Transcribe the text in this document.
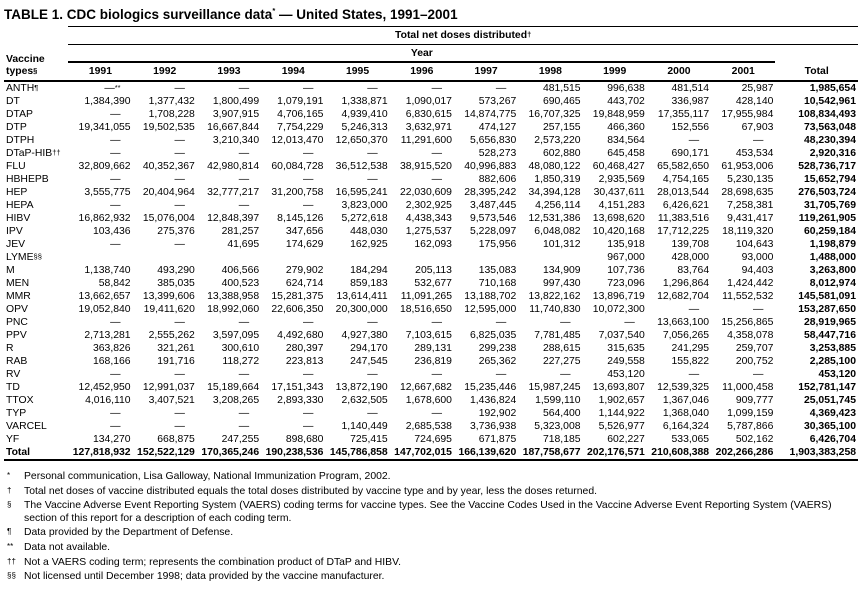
TABLE 1. CDC biologics surveillance data* — United States, 1991–2001
Vaccine
types§	Total net doses distributed†
	Year											
	1991	1992	1993	1994	1995	1996	1997	1998	1999	2000	2001	Total
ANTH¶	—**	—	—	—	—	—	—	481,515	996,638	481,514	25,987	1,985,654
DT	1,384,390	1,377,432	1,800,499	1,079,191	1,338,871	1,090,017	573,267	690,465	443,702	336,987	428,140	10,542,961
DTAP	—	1,708,228	3,907,915	4,706,165	4,939,410	6,830,615	14,874,775	16,707,325	19,848,959	17,355,117	17,955,984	108,834,493
DTP	19,341,055	19,502,535	16,667,844	7,754,229	5,246,313	3,632,971	474,127	257,155	466,360	152,556	67,903	73,563,048
DTPH	—	—	3,210,340	12,013,470	12,650,370	11,291,600	5,656,830	2,573,220	834,564	—	—	48,230,394
DTaP-HIB††	—	—	—	—	—	—	528,273	602,880	645,458	690,171	453,534	2,920,316
FLU	32,809,662	40,352,367	42,980,814	60,084,728	36,512,538	38,915,520	40,996,883	48,080,122	60,468,427	65,582,650	61,953,006	528,736,717
HBHEPB	—	—	—	—	—	—	882,606	1,850,319	2,935,569	4,754,165	5,230,135	15,652,794
HEP	3,555,775	20,404,964	32,777,217	31,200,758	16,595,241	22,030,609	28,395,242	34,394,128	30,437,611	28,013,544	28,698,635	276,503,724
HEPA	—	—	—	—	3,823,000	2,302,925	3,487,445	4,256,114	4,151,283	6,426,621	7,258,381	31,705,769
HIBV	16,862,932	15,076,004	12,848,397	8,145,126	5,272,618	4,438,343	9,573,546	12,531,386	13,698,620	11,383,516	9,431,417	119,261,905
IPV	103,436	275,376	281,257	347,656	448,030	1,275,537	5,228,097	6,048,082	10,420,168	17,712,225	18,119,320	60,259,184
JEV	—	—	41,695	174,629	162,925	162,093	175,956	101,312	135,918	139,708	104,643	1,198,879
LYME§§									967,000	428,000	93,000	1,488,000
M	1,138,740	493,290	406,566	279,902	184,294	205,113	135,083	134,909	107,736	83,764	94,403	3,263,800
MEN	58,842	385,035	400,523	624,714	859,183	532,677	710,168	997,430	723,096	1,296,864	1,424,442	8,012,974
MMR	13,662,657	13,399,606	13,388,958	15,281,375	13,614,411	11,091,265	13,188,702	13,822,162	13,896,719	12,682,704	11,552,532	145,581,091
OPV	19,052,840	19,411,620	18,992,060	22,606,350	20,300,000	18,516,650	12,595,000	11,740,830	10,072,300	—	—	153,287,650
PNC	—	—	—	—	—	—	—	—	—	13,663,100	15,256,865	28,919,965
PPV	2,713,281	2,555,262	3,597,095	4,492,680	4,927,380	7,103,615	6,825,035	7,781,485	7,037,540	7,056,265	4,358,078	58,447,716
R	363,826	321,261	300,610	280,397	294,170	289,131	299,238	288,615	315,635	241,295	259,707	3,253,885
RAB	168,166	191,716	118,272	223,813	247,545	236,819	265,362	227,275	249,558	155,822	200,752	2,285,100
RV	—	—	—	—	—	—	—	—	453,120	—	—	453,120
TD	12,452,950	12,991,037	15,189,664	17,151,343	13,872,190	12,667,682	15,235,446	15,987,245	13,693,807	12,539,325	11,000,458	152,781,147
TTOX	4,016,110	3,407,521	3,208,265	2,893,330	2,632,505	1,678,600	1,436,824	1,599,110	1,902,657	1,367,046	909,777	25,051,745
TYP	—	—	—	—	—	—	192,902	564,400	1,144,922	1,368,040	1,099,159	4,369,423
VARCEL	—	—	—	—	1,140,449	2,685,538	3,736,938	5,323,008	5,526,977	6,164,324	5,787,866	30,365,100
YF	134,270	668,875	247,255	898,680	725,415	724,695	671,875	718,185	602,227	533,065	502,162	6,426,704
Total	127,818,932	152,522,129	170,365,246	190,238,536	145,786,858	147,702,015	166,139,620	187,758,677	202,176,571	210,608,388	202,266,286	1,903,383,258
*	Personal communication, Lisa Galloway, National Immunization Program, 2002.
†	Total net doses of vaccine distributed equals the total doses distributed by vaccine type and by year, less the doses returned.
§	The Vaccine Adverse Event Reporting System (VAERS) coding terms for vaccine types. See the Vaccine Codes Used in the Vaccine Adverse Event Reporting System (VAERS) section of this report for a description of each coding term.
¶	Data provided by the Department of Defense.
**	Data not available.
†† Not a VAERS coding term; represents the combination product of DTaP and HIBV.
§§ Not licensed until December 1998; data provided by the vaccine manufacturer.
